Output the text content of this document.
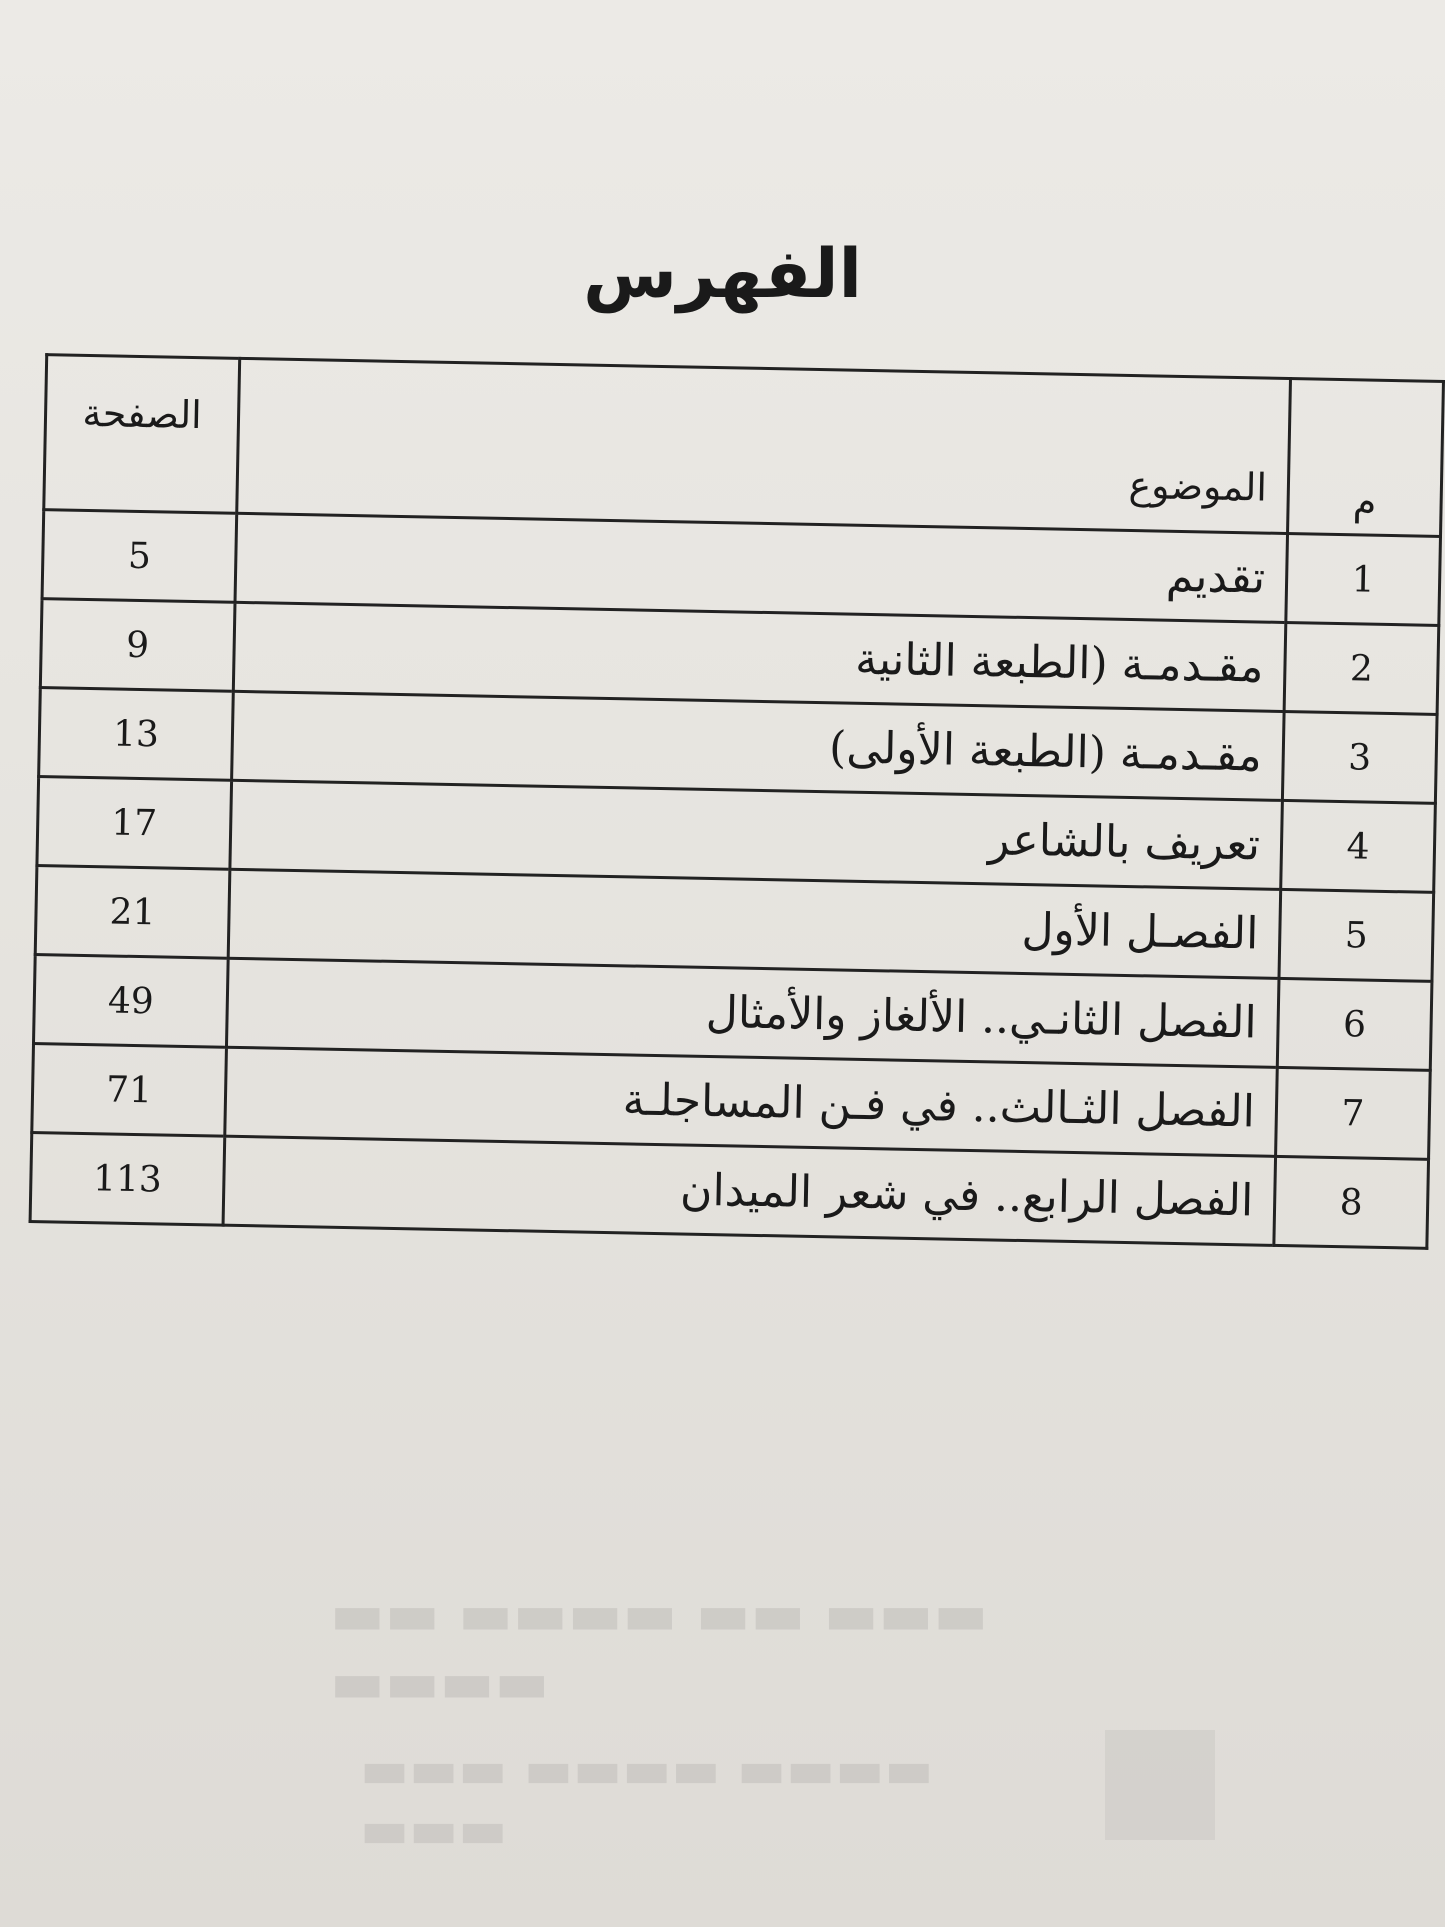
الفهرس
م	الموضوع	الصفحة
1	تقديم	5
2	مقـدمـة (الطبعة الثانية	9
3	مقـدمـة (الطبعة الأولى)	13
4	تعريف بالشاعر	17
5	الفصـل الأول	21
6	الفصل الثانـي.. الألغاز والأمثال	49
7	الفصل الثـالث.. في فـن المساجلـة	71
8	الفصل الرابع.. في شعر الميدان	113
▬▬ ▬▬▬▬ ▬▬ ▬▬▬ ▬▬▬▬
▬▬▬ ▬▬▬▬ ▬▬▬▬ ▬▬▬
